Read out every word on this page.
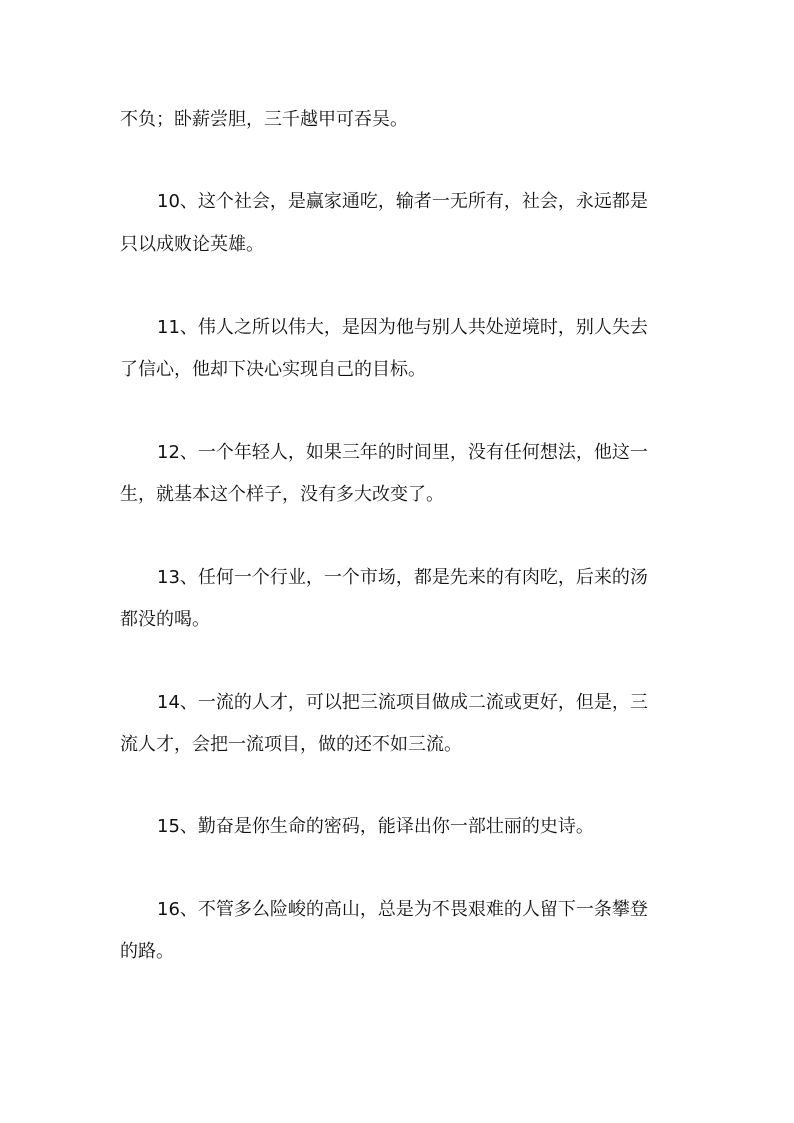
不负；卧薪尝胆，三千越甲可吞吴。
10、这个社会，是赢家通吃，输者一无所有，社会，永远都是
只以成败论英雄。
11、伟人之所以伟大，是因为他与别人共处逆境时，别人失去
了信心，他却下决心实现自己的目标。
12、一个年轻人，如果三年的时间里，没有任何想法，他这一
生，就基本这个样子，没有多大改变了。
13、任何一个行业，一个市场，都是先来的有肉吃，后来的汤
都没的喝。
14、一流的人才，可以把三流项目做成二流或更好，但是，三
流人才，会把一流项目，做的还不如三流。
15、勤奋是你生命的密码，能译出你一部壮丽的史诗。
16、不管多么险峻的高山，总是为不畏艰难的人留下一条攀登
的路。
